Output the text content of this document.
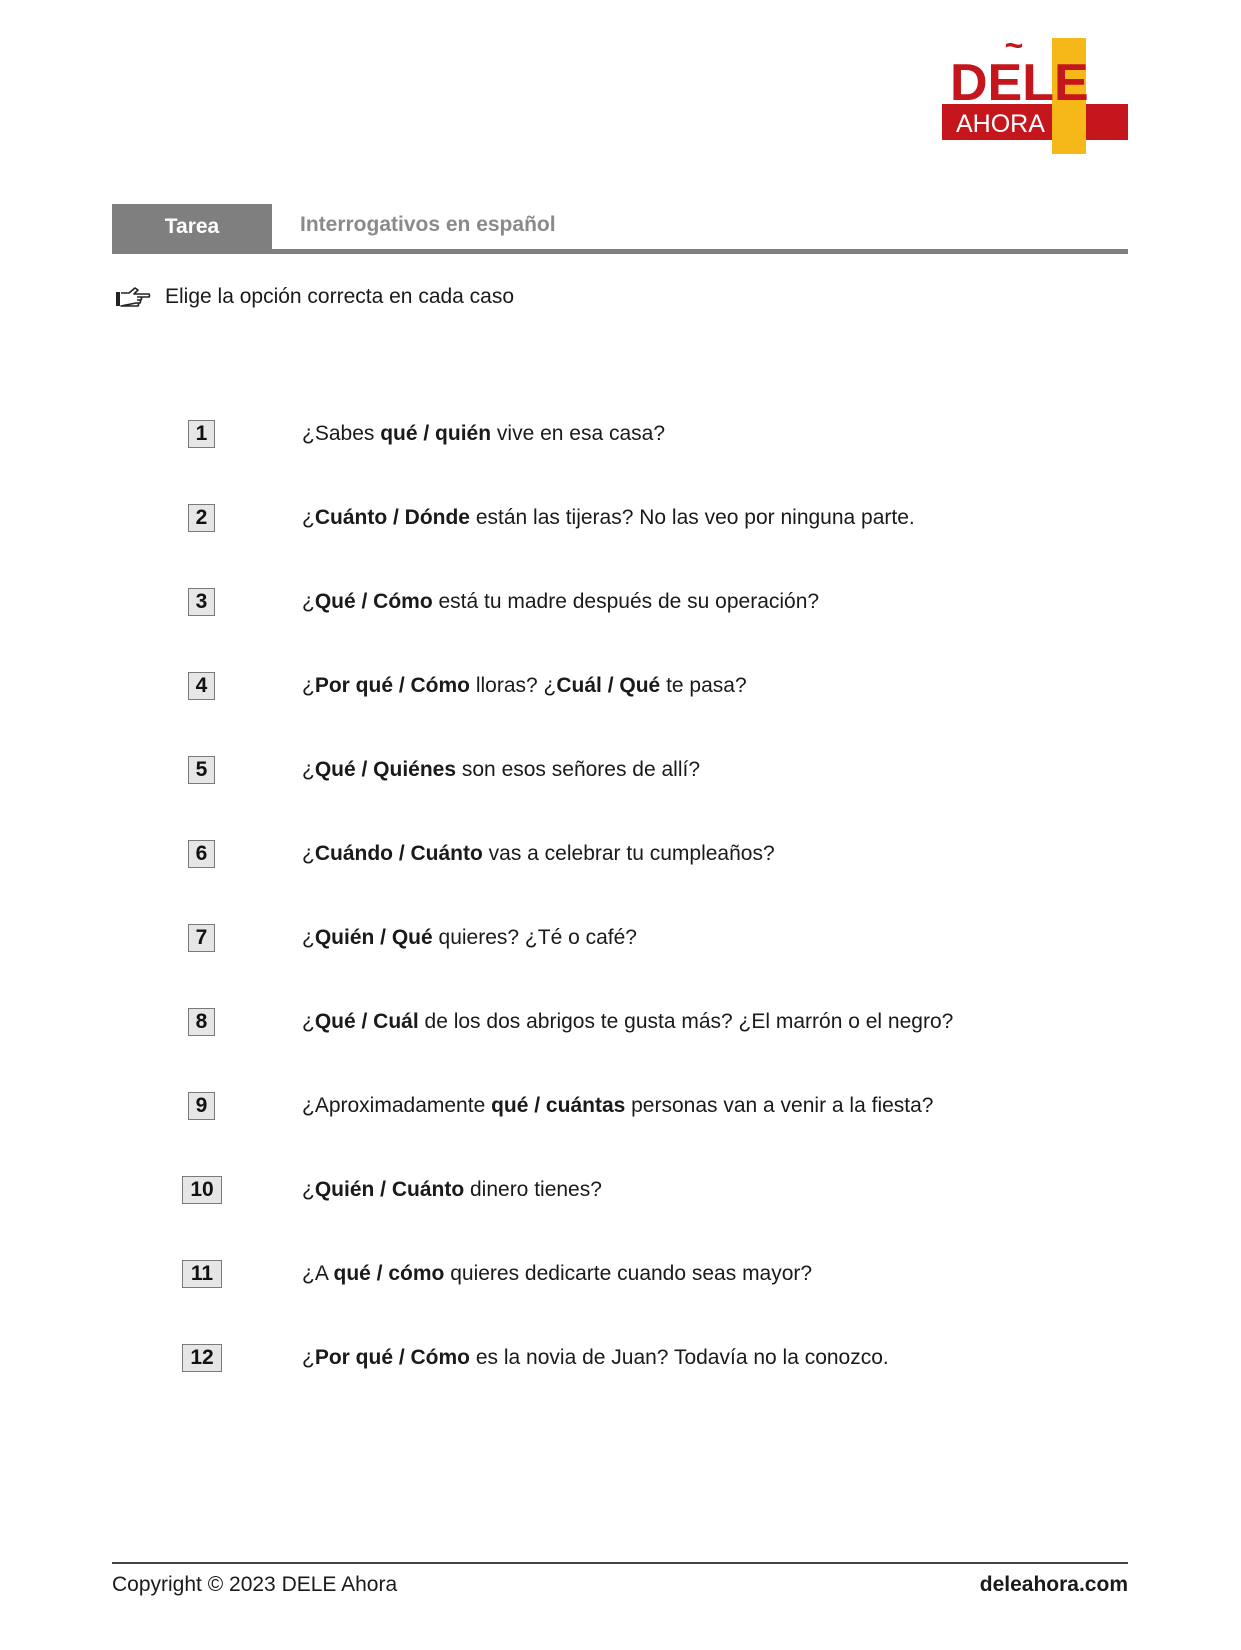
~
DELE
AHORA
Tarea	Interrogativos en español
Elige la opción correcta en cada caso
1	¿Sabes qué / quién vive en esa casa?
2	¿Cuánto / Dónde están las tijeras? No las veo por ninguna parte.
3	¿Qué / Cómo está tu madre después de su operación?
4	¿Por qué / Cómo lloras? ¿Cuál / Qué te pasa?
5	¿Qué / Quiénes son esos señores de allí?
6	¿Cuándo / Cuánto vas a celebrar tu cumpleaños?
7	¿Quién / Qué quieres? ¿Té o café?
8	¿Qué / Cuál de los dos abrigos te gusta más? ¿El marrón o el negro?
9	¿Aproximadamente qué / cuántas personas van a venir a la fiesta?
10	¿Quién / Cuánto dinero tienes?
11	¿A qué / cómo quieres dedicarte cuando seas mayor?
12	¿Por qué / Cómo es la novia de Juan? Todavía no la conozco.
Copyright © 2023 DELE Ahora	deleahora.com
